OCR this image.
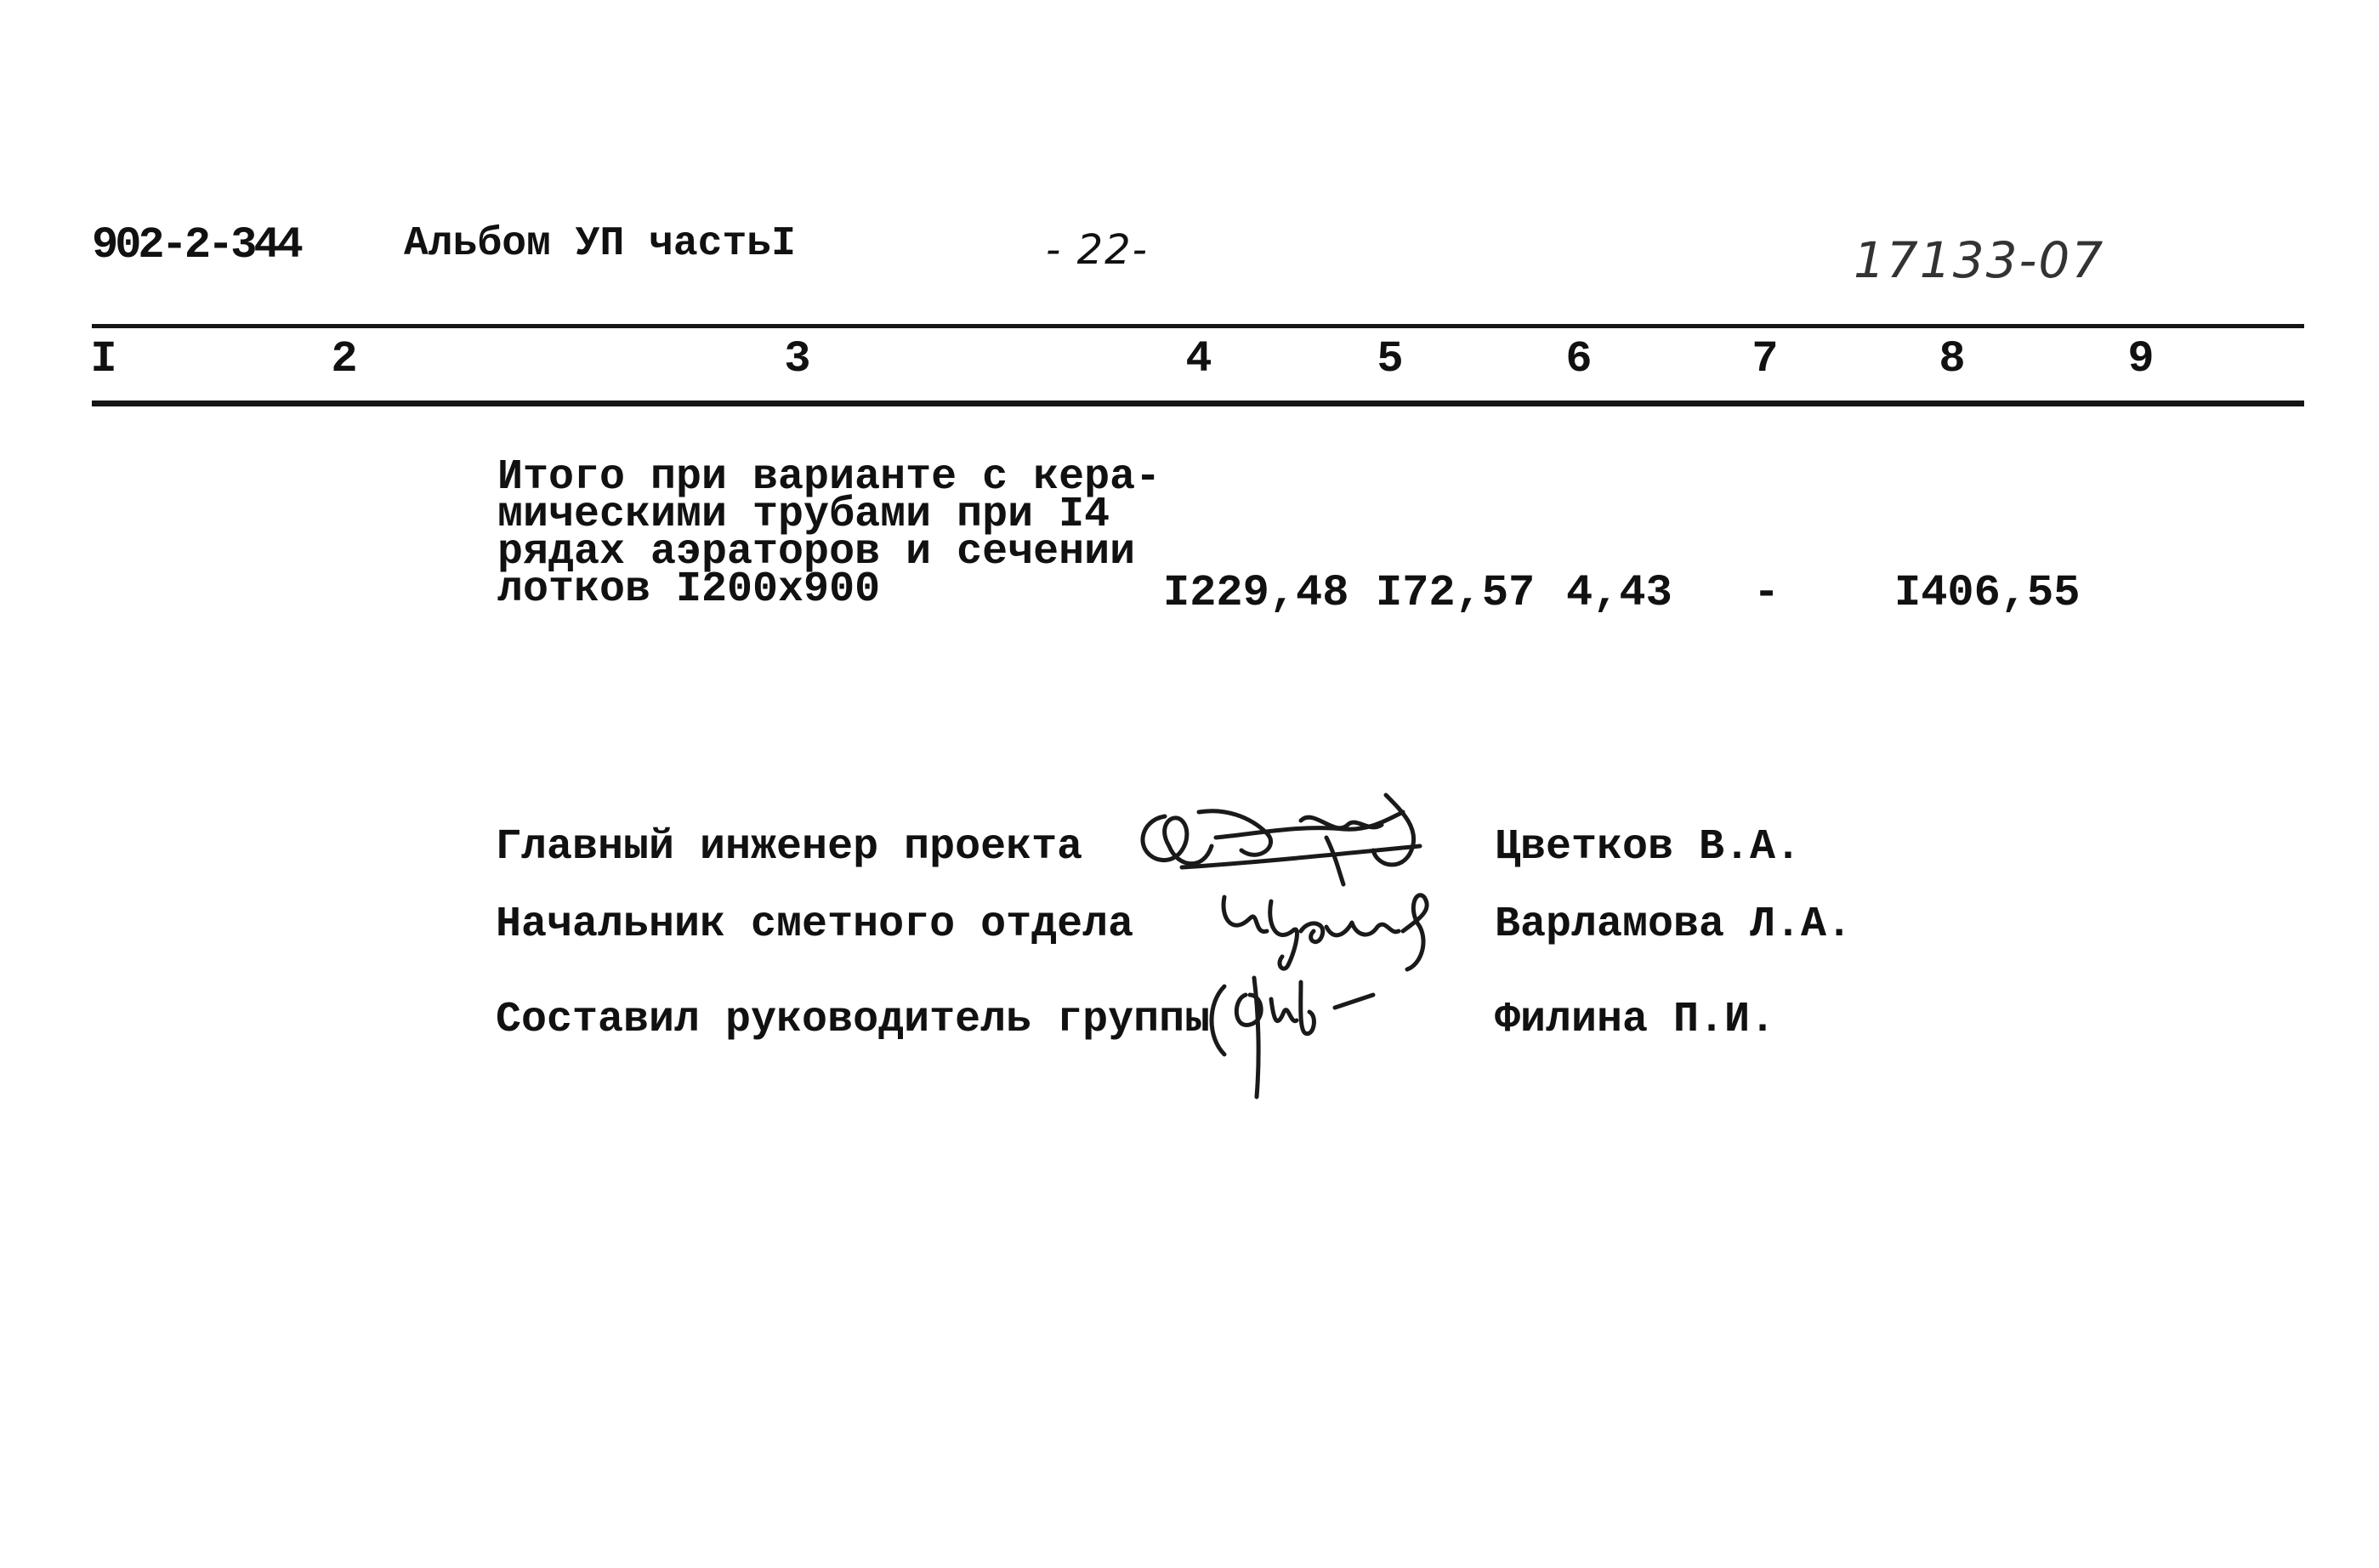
902-2-344	Альбом УП частьI	- 22-	17133-07
I	2	3	4	5	6	7	8	9
Итого при варианте с кера-
мическими трубами при I4
рядах аэраторов и сечении
лотков I200х900	I229,48 I72,57 4,43 -	I406,55
Главный инженер проекта	Цветков В.А.
Начальник сметного отдела	Варламова Л.А.
Составил руководитель группы	Филина П.И.
